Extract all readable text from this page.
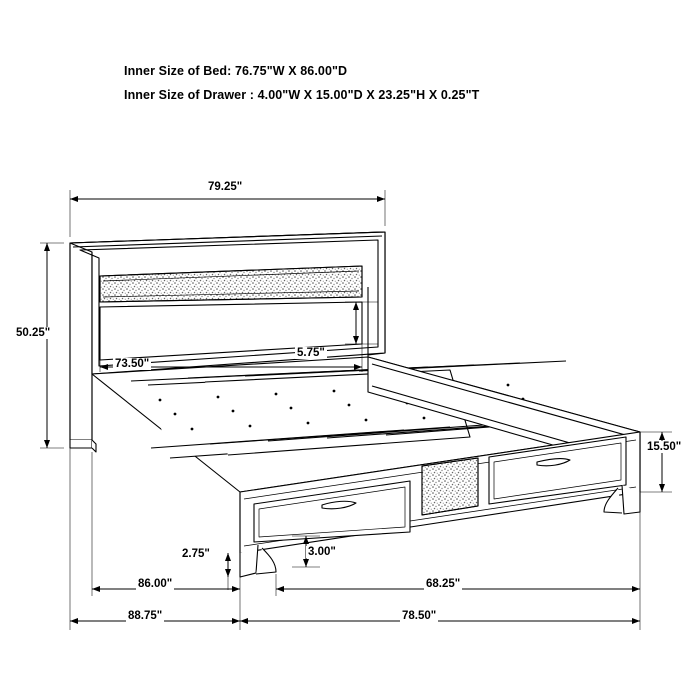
Inner Size of Bed: 76.75"W X 86.00"D
Inner Size of Drawer : 4.00"W X 15.00"D X 23.25"H X 0.25"T
79.25"
50.25"
73.50"
5.75"
15.50"
2.75"	3.00"
86.00"	68.25"
88.75"	78.50"
